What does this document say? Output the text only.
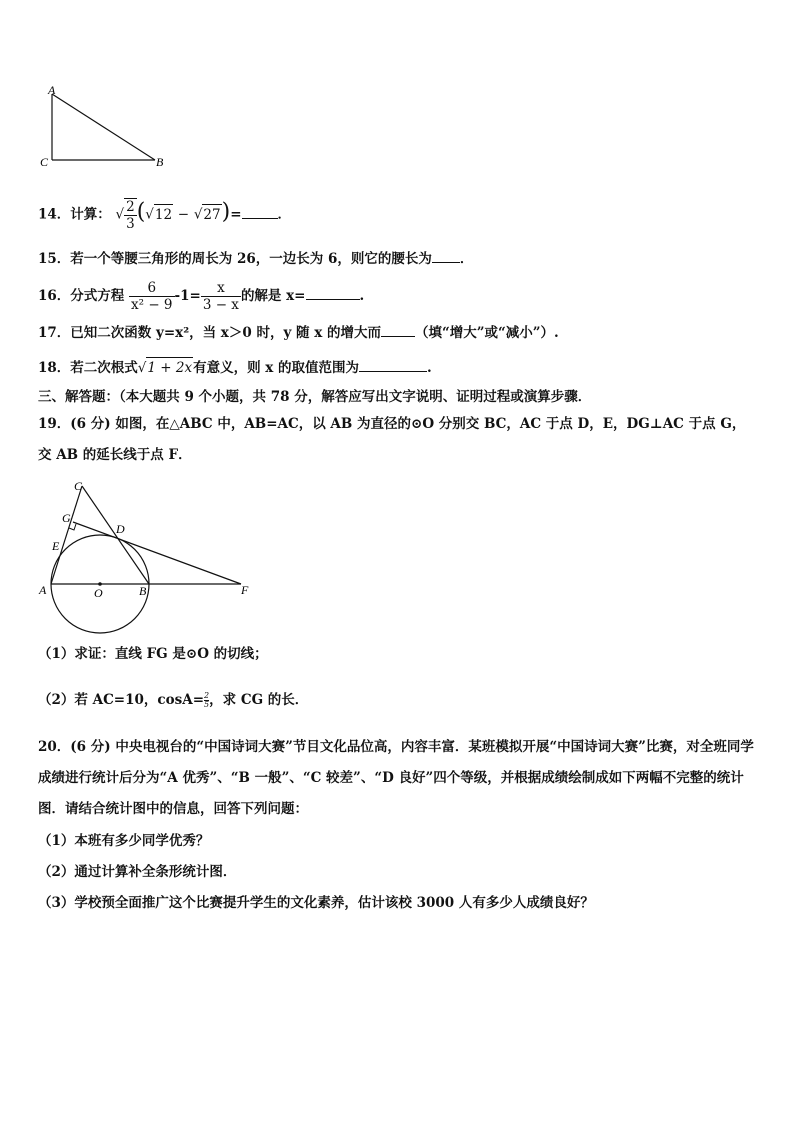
A
C	B
14．计算： √ $\frac{2}{3} (√12 - √27)=$	．
15．若一个等腰三角形的周长为 26，一边长为 6，则它的腰长为 ．
16．分式方程 $\frac{6}{\text{x² − 9}} -1= \frac{x}{3 - x}$ 的解是 x=	.
17．已知二次函数 y=x²，当 x＞0 时，y 随 x 的增大而	（填“增大”或“减小”）.
18．若二次根式√1 + 2x有意义，则 x 的取值范围为	.
三、解答题：（本大题共 9 个小题，共 78 分，解答应写出文字说明、证明过程或演算步骤．
19．(6 分) 如图，在△ABC 中，AB=AC，以 AB 为直径的⊙O 分别交 BC，AC 于点 D，E，DG⊥AC 于点 G，交 AB 的延长线于点 F．
C
G
D
E
A	O	B	F
（1）求证：直线 FG 是⊙O 的切线；
（2）若 AC=10，$\cos A= \frac{2}{5}$，求 CG 的长．
20．(6 分) 中央电视台的“中国诗词大赛”节目文化品位高，内容丰富．某班模拟开展“中国诗词大赛”比赛，对全班同学成绩进行统计后分为“A 优秀”、“B 一般”、“C 较差”、“D 良好”四个等级，并根据成绩绘制成如下两幅不完整的统计图．请结合统计图中的信息，回答下列问题：
（1）本班有多少同学优秀？
（2）通过计算补全条形统计图．
（3）学校预全面推广这个比赛提升学生的文化素养，估计该校 3000 人有多少人成绩良好？
